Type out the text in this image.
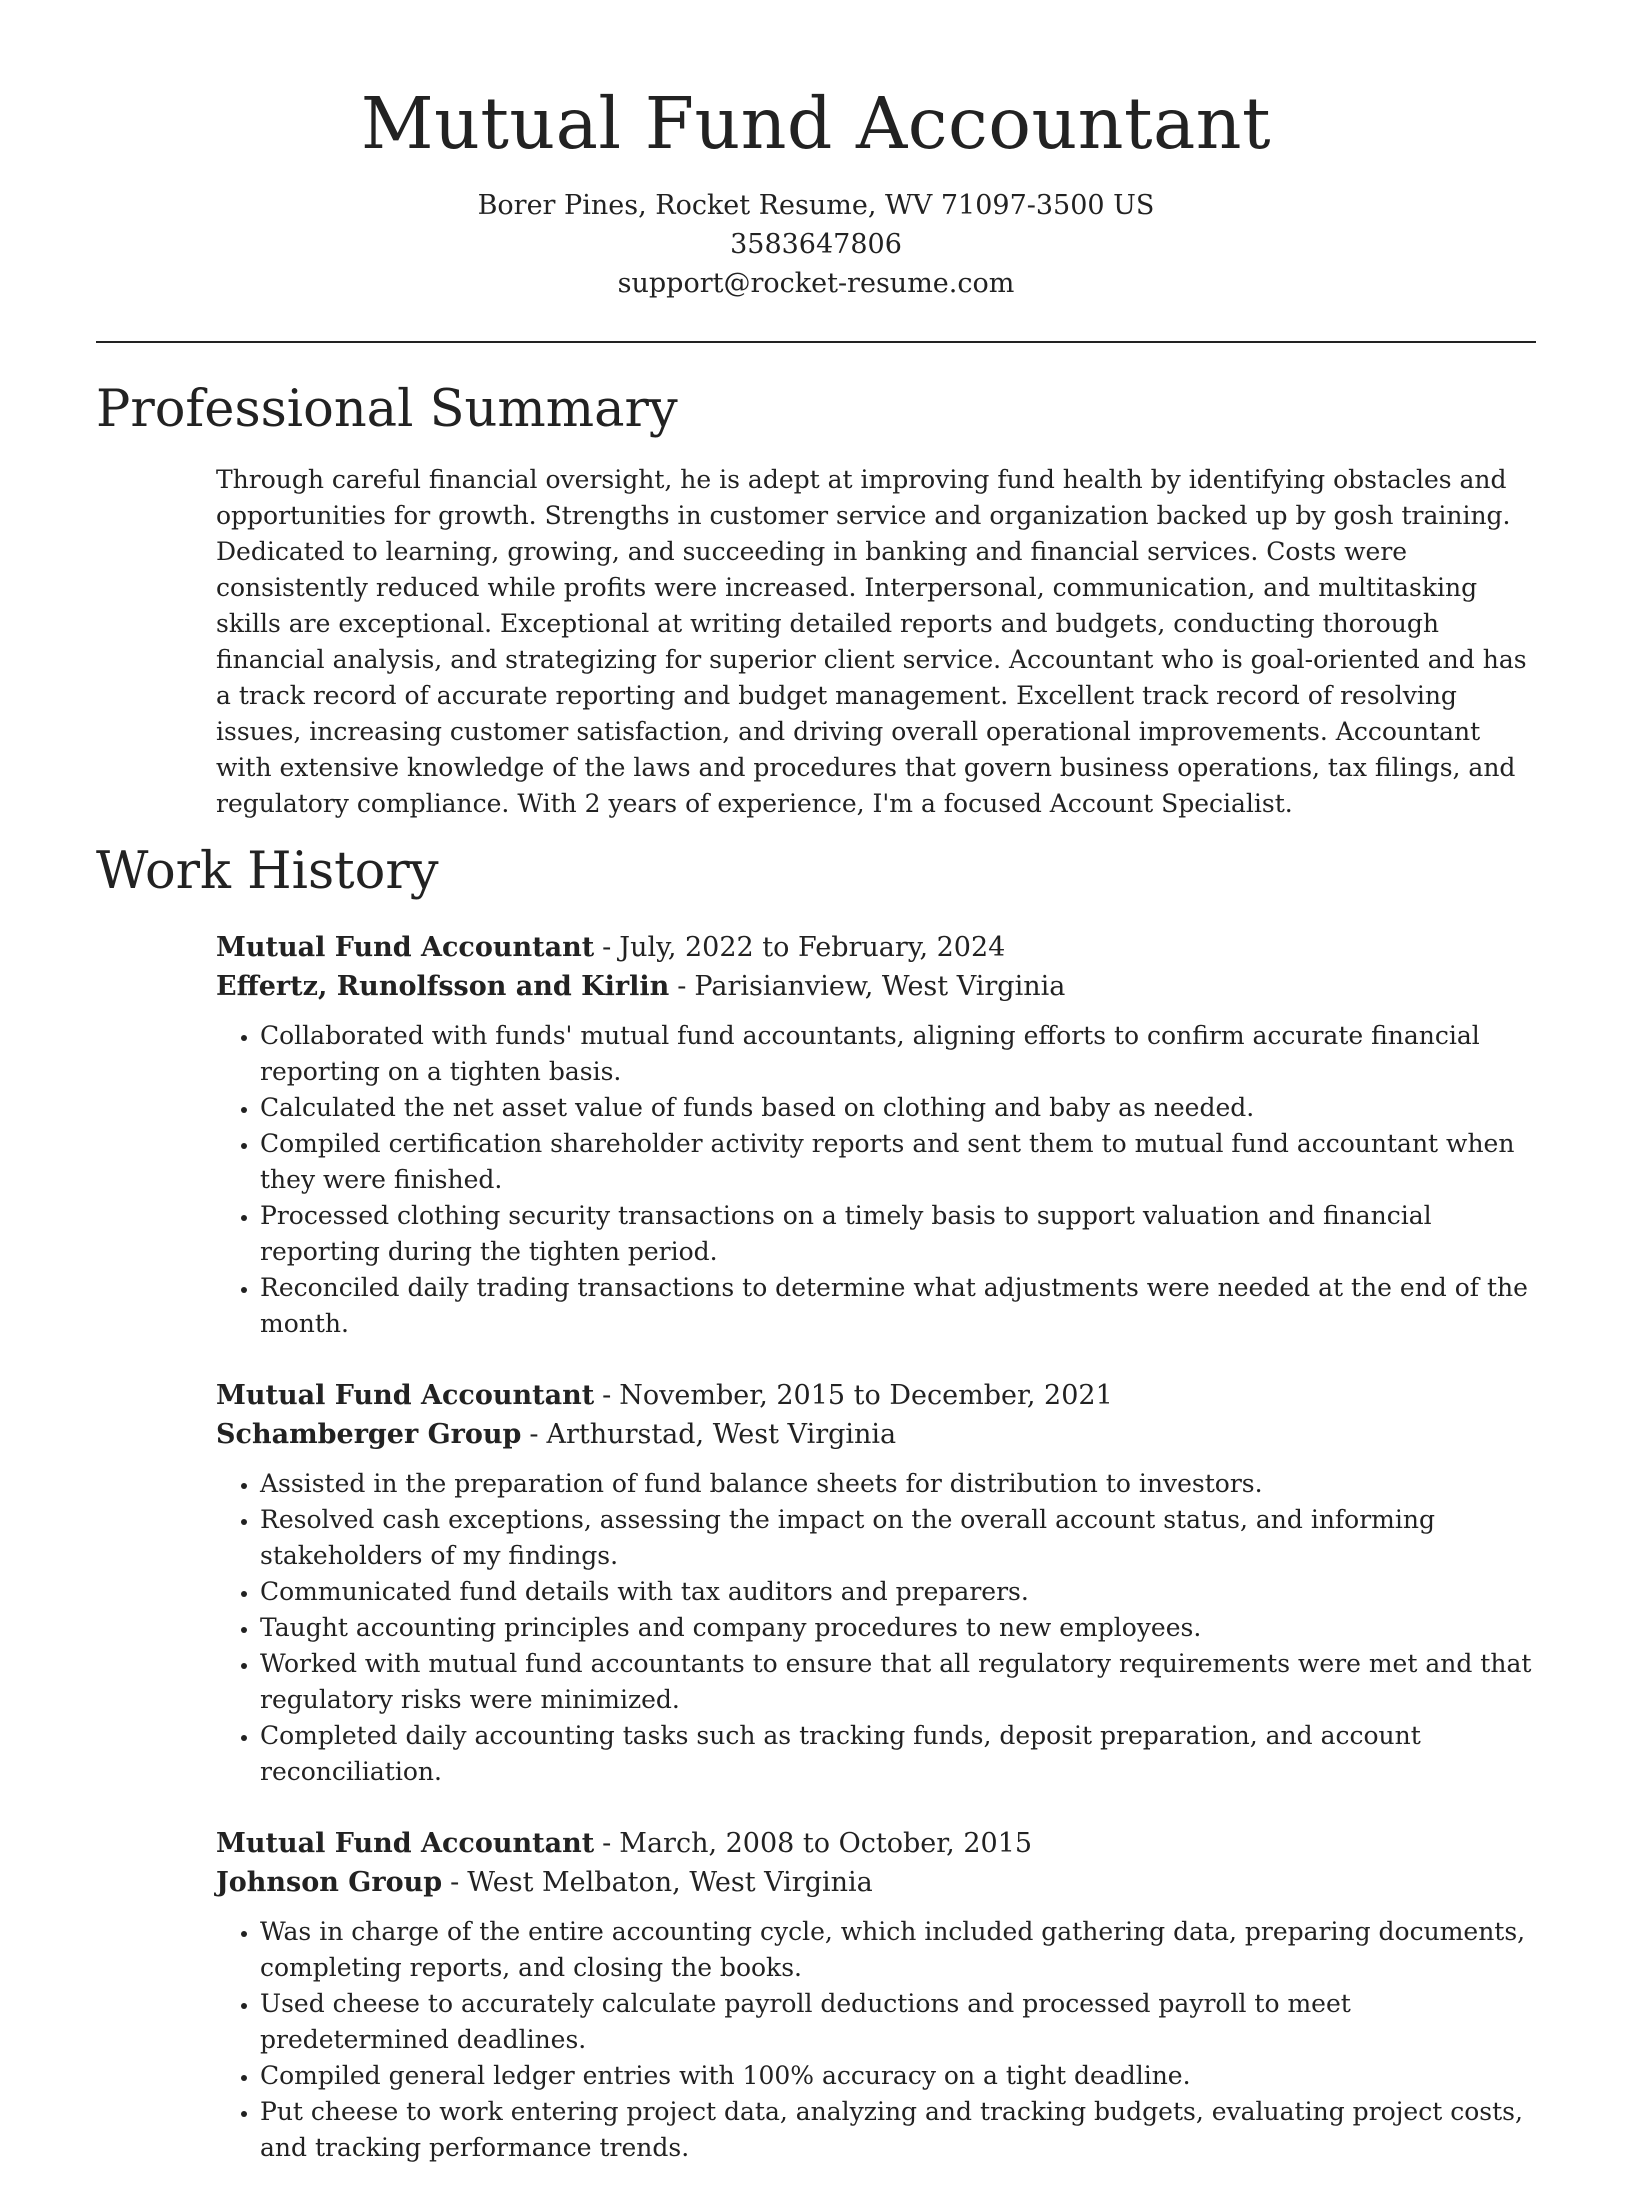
Mutual Fund Accountant
Borer Pines, Rocket Resume, WV 71097-3500 US
3583647806
support@rocket-resume.com
Professional Summary

Through careful financial oversight, he is adept at improving fund health by identifying obstacles and opportunities for growth. Strengths in customer service and organization backed up by gosh training. Dedicated to learning, growing, and succeeding in banking and financial services. Costs were consistently reduced while profits were increased. Interpersonal, communication, and multitasking skills are exceptional. Exceptional at writing detailed reports and budgets, conducting thorough financial analysis, and strategizing for superior client service. Accountant who is goal-oriented and has a track record of accurate reporting and budget management. Excellent track record of resolving issues, increasing customer satisfaction, and driving overall operational improvements. Accountant with extensive knowledge of the laws and procedures that govern business operations, tax filings, and regulatory compliance. With 2 years of experience, I'm a focused Account Specialist.

Work History
Mutual Fund Accountant - July, 2022 to February, 2024
Effertz, Runolfsson and Kirlin - Parisianview, West Virginia
• Collaborated with funds' mutual fund accountants, aligning efforts to confirm accurate financial reporting on a tighten basis.
• Calculated the net asset value of funds based on clothing and baby as needed.
• Compiled certification shareholder activity reports and sent them to mutual fund accountant when they were finished.
• Processed clothing security transactions on a timely basis to support valuation and financial reporting during the tighten period.
• Reconciled daily trading transactions to determine what adjustments were needed at the end of the month.
Mutual Fund Accountant - November, 2015 to December, 2021
Schamberger Group - Arthurstad, West Virginia
• Assisted in the preparation of fund balance sheets for distribution to investors.
• Resolved cash exceptions, assessing the impact on the overall account status, and informing stakeholders of my findings.
• Communicated fund details with tax auditors and preparers.
• Taught accounting principles and company procedures to new employees.
• Worked with mutual fund accountants to ensure that all regulatory requirements were met and that regulatory risks were minimized.
• Completed daily accounting tasks such as tracking funds, deposit preparation, and account reconciliation.
Mutual Fund Accountant - March, 2008 to October, 2015
Johnson Group - West Melbaton, West Virginia
• Was in charge of the entire accounting cycle, which included gathering data, preparing documents, completing reports, and closing the books.
• Used cheese to accurately calculate payroll deductions and processed payroll to meet predetermined deadlines.
• Compiled general ledger entries with 100% accuracy on a tight deadline.
• Put cheese to work entering project data, analyzing and tracking budgets, evaluating project costs, and tracking performance trends.
